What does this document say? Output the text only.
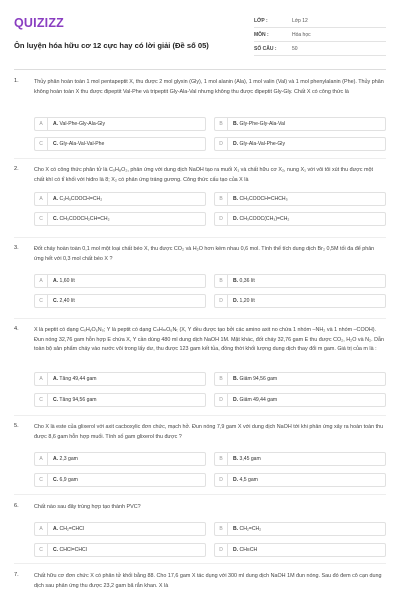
QUIZIZZ
Ôn luyện hóa hữu cơ 12 cực hay có lời giải (Đề số 05)
LỚP :	Lớp 12
MÔN :	Hóa học
SỐ CÂU :	50
1.	Thủy phân hoàn toàn 1 mol pentapeptit X, thu được 2 mol glyxin (Gly), 1 mol alanin (Ala), 1 mol valin (Val) và 1 mol phenylalanin (Phe). Thủy phân không hoàn toàn X thu được đipeptit Val-Phe và tripeptit Gly-Ala-Val nhưng không thu được đipeptit Gly-Gly. Chất X có công thức là
A	A. Val-Phe-Gly-Ala-Gly	B	B. Gly-Phe-Gly-Ala-Val
C	C. Gly-Ala-Val-Val-Phe	D	D. Gly-Ala-Val-Phe-Gly
2.	Cho X có công thức phân tử là C₅H₈O₂, phản ứng với dung dịch NaOH tạo ra muối X₁ và chất hữu cơ X₂, nung X₁ với vôi tôi xút thu được một chất khí có tỉ khối với hiđro là 8; X₂ có phản ứng tráng gương. Công thức cấu tạo của X là
A	A. C₂H₅COOCH=CH₂	B	B. CH₃COOCH=CHCH₃
C	C. CH₃COOCH₂CH=CH₂	D	D. CH₃COOC(CH₃)=CH₂
3.	Đốt cháy hoàn toàn 0,1 mol một loại chất béo X, thu được CO₂ và H₂O hơn kém nhau 0,6 mol. Tính thể tích dung dịch Br₂ 0,5M tối đa để phản ứng hết với 0,3 mol chất béo X ?
A	A. 1,60 lít	B	B. 0,36 lít
C	C. 2,40 lít	D	D. 1,20 lít
4.	X là peptit có dạng CₓHᵧO₆N₅; Y là peptit có dạng CₙHₘO₆Nₜ (X, Y đều được tạo bởi các amino axit no chứa 1 nhóm –NH₂ và 1 nhóm –COOH). Đun nóng 32,76 gam hỗn hợp E chứa X, Y cần dùng 480 ml dung dịch NaOH 1M. Mặt khác, đốt cháy 32,76 gam E thu được CO₂, H₂O và N₂. Dẫn toàn bộ sản phẩm cháy vào nước vôi trong lấy dư, thu được 123 gam kết tủa, đồng thời khối lượng dung dịch thay đổi m gam. Giá trị của m là :
A	A. Tăng 49,44 gam	B	B. Giảm 94,56 gam
C	C. Tăng 94,56 gam	D	D. Giảm 49,44 gam
5.	Cho X là este của glixerol với axit cacboxylic đơn chức, mạch hở. Đun nóng 7,9 gam X với dung dịch NaOH tới khi phản ứng xảy ra hoàn toàn thu được 8,6 gam hỗn hợp muối. Tính số gam glixerol thu được ?
A	A. 2,3 gam	B	B. 3,45 gam
C	C. 6,9 gam	D	D. 4,5 gam
6.	Chất nào sau đây trùng hợp tạo thành PVC?
A	A. CH₂=CHCl	B	B. CH₂=CH₂
C	C. CHCl=CHCl	D	D. CH≡CH
7.	Chất hữu cơ đơn chức X có phân tử khối bằng 88. Cho 17,6 gam X tác dụng với 300 ml dung dịch NaOH 1M đun nóng. Sau đó đem cô cạn dung dịch sau phản ứng thu được 23,2 gam bã rắn khan. X là
